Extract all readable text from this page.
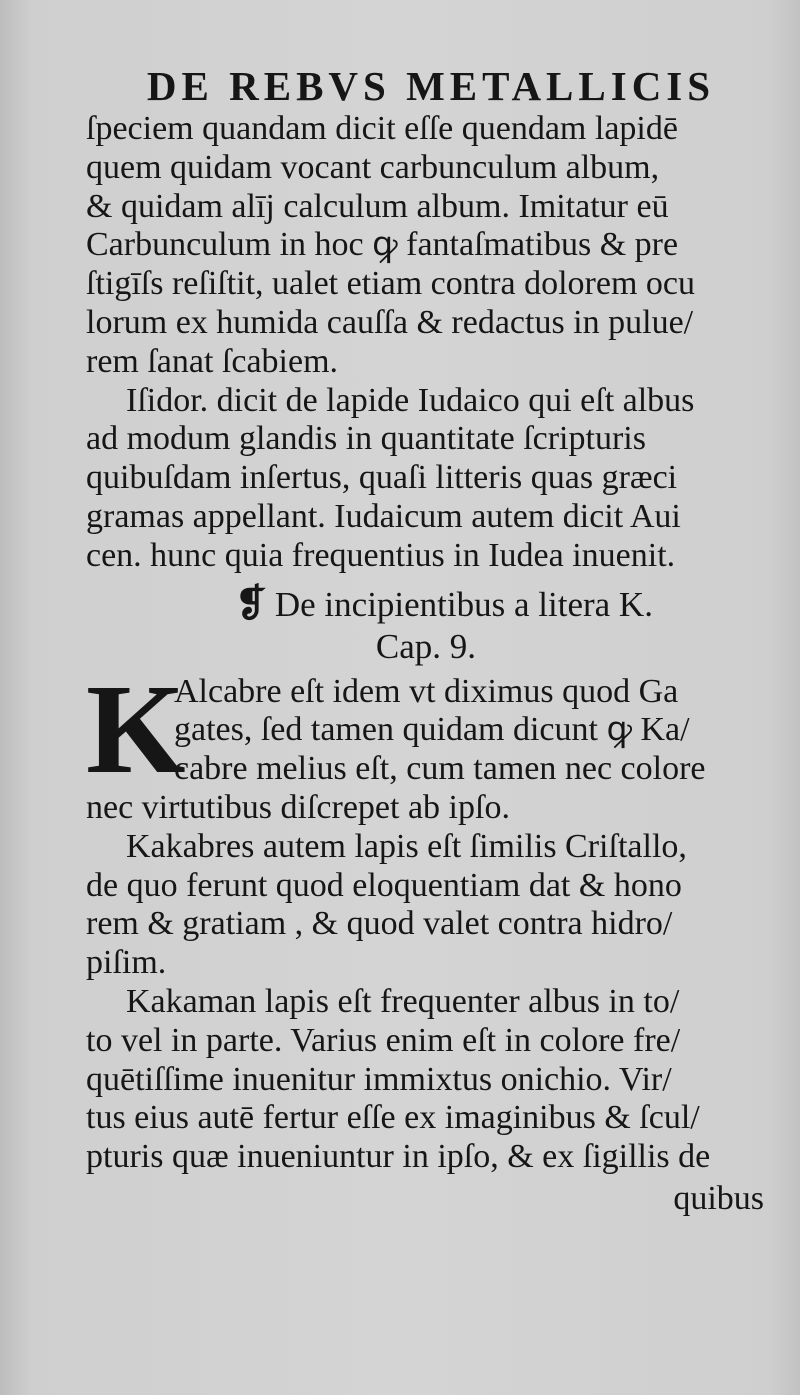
DE REBVS METALLICIS
ſpeciem quandam dicit eſſe quendam lapidē
quem quidam vocant carbunculum album,
& quidam alīj calculum album. Imitatur eū
Carbunculum in hoc ꝙ fantaſmatibus & pre
ſtigīſs reſiſtit, ualet etiam contra dolorem ocu
lorum ex humida cauſſa & redactus in pulue/
rem ſanat ſcabiem.
Iſidor. dicit de lapide Iudaico qui eſt albus
ad modum glandis in quantitate ſcripturis
quibuſdam inſertus, quaſi litteris quas græci
gramas appellant. Iudaicum autem dicit Aui
cen. hunc quia frequentius in Iudea inuenit.
❡ De incipientibus a litera K.
Cap. 9.
K
Alcabre eſt idem vt diximus quod Ga
gates, ſed tamen quidam dicunt ꝙ Ka/
cabre melius eſt, cum tamen nec colore
nec virtutibus diſcrepet ab ipſo.
Kakabres autem lapis eſt ſimilis Criſtallo,
de quo ferunt quod eloquentiam dat & hono
rem & gratiam , & quod valet contra hidro/
piſim.
Kakaman lapis eſt frequenter albus in to/
to vel in parte. Varius enim eſt in colore fre/
quētiſſime inuenitur immixtus onichio. Vir/
tus eius autē fertur eſſe ex imaginibus & ſcul/
pturis quæ inueniuntur in ipſo, & ex ſigillis de
quibus
